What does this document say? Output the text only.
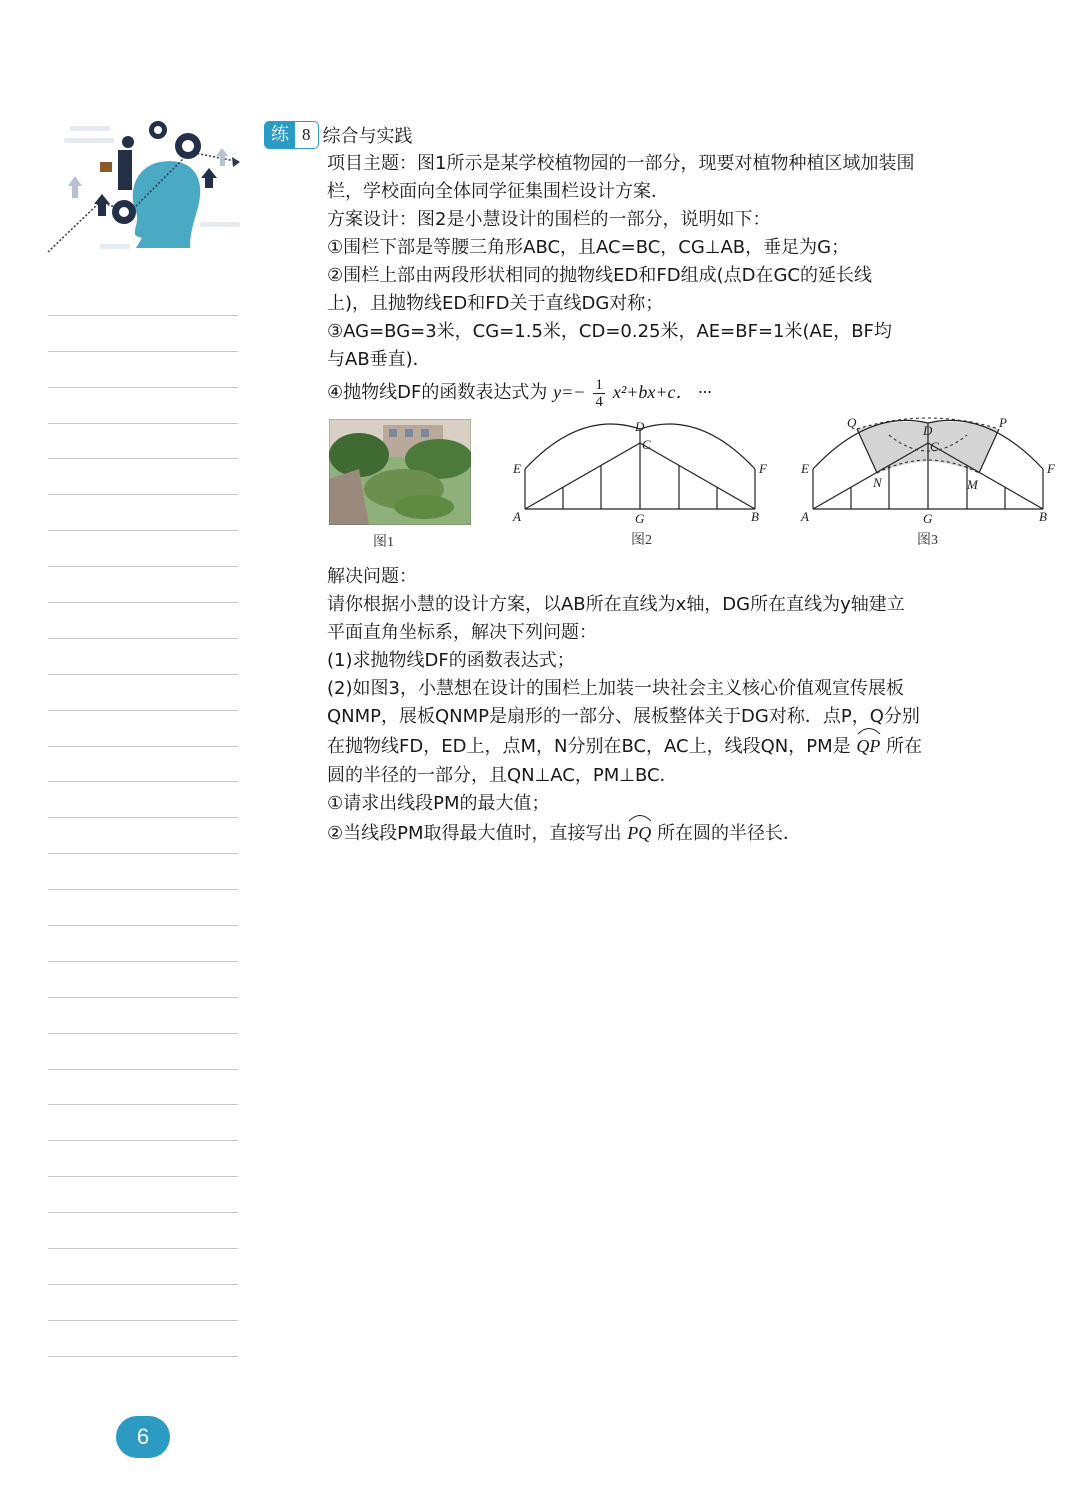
6
练 8 综合与实践
项目主题：图1所示是某学校植物园的一部分，现要对植物种植区域加装围
栏，学校面向全体同学征集围栏设计方案．
方案设计：图2是小慧设计的围栏的一部分，说明如下：
①围栏下部是等腰三角形ABC，且AC=BC，CG⊥AB，垂足为G；
②围栏上部由两段形状相同的抛物线ED和FD组成(点D在GC的延长线
上)，且抛物线ED和FD关于直线DG对称；
③AG=BG=3米，CG=1.5米，CD=0.25米，AE=BF=1米(AE，BF均
与AB垂直)．
④抛物线DF的函数表达式为 $y=- \frac{1}{4} x^2+bx+c$． ···
图1
A	G	B
E	F
D
C
图2
A	G	B
E	F
D
C
Q	P
N	M
图3
解决问题：
请你根据小慧的设计方案，以AB所在直线为x轴，DG所在直线为y轴建立
平面直角坐标系，解决下列问题：
(1)求抛物线DF的函数表达式；
(2)如图3，小慧想在设计的围栏上加装一块社会主义核心价值观宣传展板
QNMP，展板QNMP是扇形的一部分、展板整体关于DG对称．点P，Q分别
在抛物线FD，ED上，点M，N分别在BC，AC上，线段QN，PM是 QP 所在
圆的半径的一部分，且QN⊥AC，PM⊥BC．
①请求出线段PM的最大值；
②当线段PM取得最大值时，直接写出 PQ 所在圆的半径长．
